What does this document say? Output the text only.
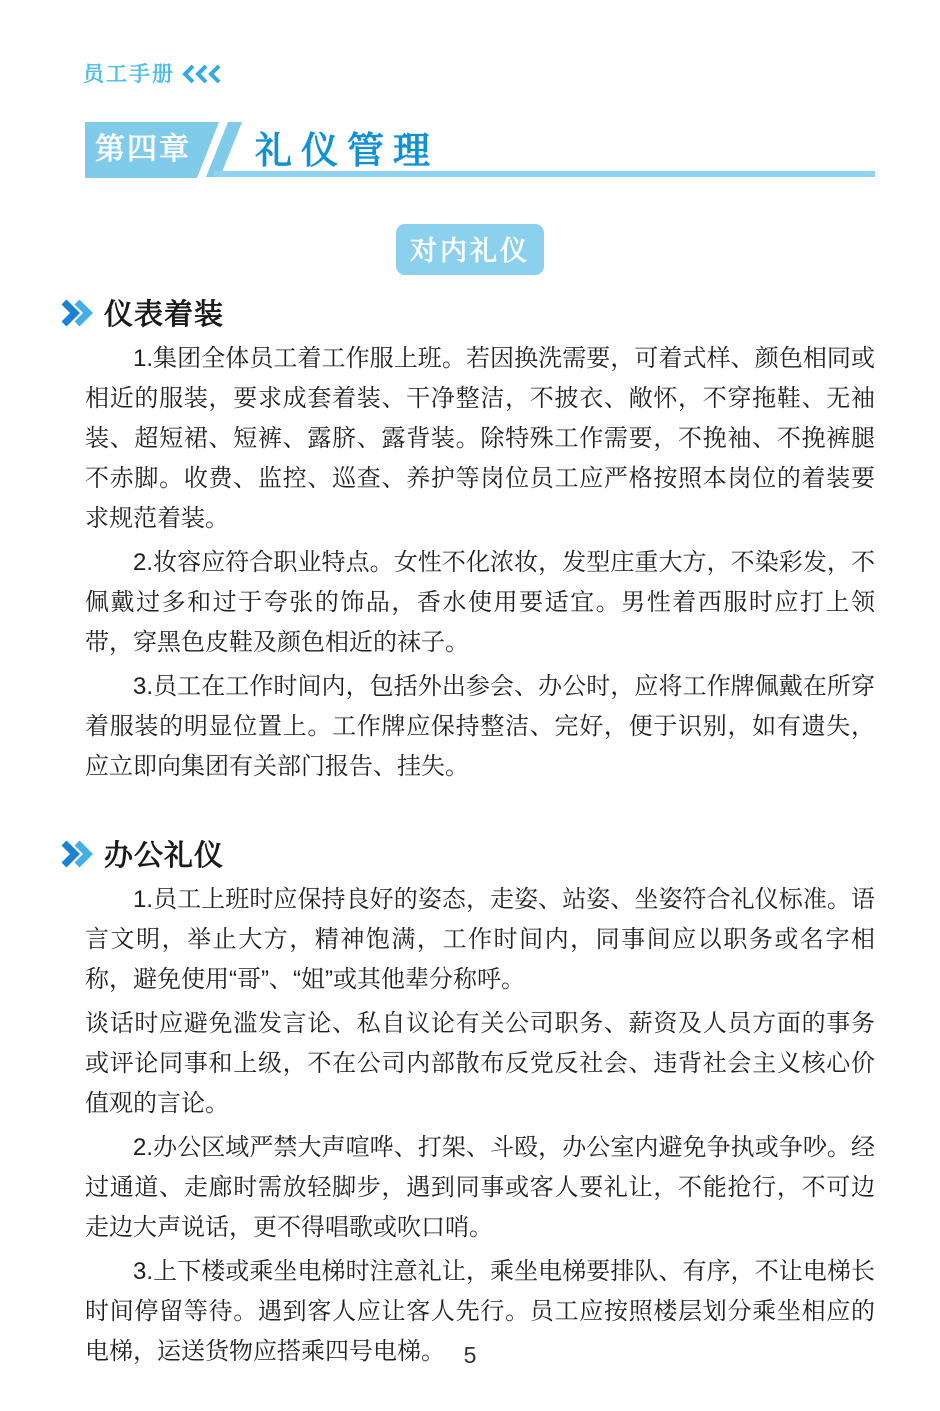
员工手册
第四章 礼仪管理
对内礼仪
仪表着装

1.集团全体员工着工作服上班。若因换洗需要，可着式样、颜色相同或相近的服装，要求成套着装、干净整洁，不披衣、敞怀，不穿拖鞋、无袖装、超短裙、短裤、露脐、露背装。除特殊工作需要，不挽袖、不挽裤腿不赤脚。收费、监控、巡查、养护等岗位员工应严格按照本岗位的着装要求规范着装。

2.妆容应符合职业特点。女性不化浓妆，发型庄重大方，不染彩发，不佩戴过多和过于夸张的饰品，香水使用要适宜。男性着西服时应打上领带，穿黑色皮鞋及颜色相近的袜子。

3.员工在工作时间内，包括外出参会、办公时，应将工作牌佩戴在所穿着服装的明显位置上。工作牌应保持整洁、完好，便于识别，如有遗失，应立即向集团有关部门报告、挂失。

办公礼仪

1.员工上班时应保持良好的姿态，走姿、站姿、坐姿符合礼仪标准。语言文明，举止大方，精神饱满，工作时间内，同事间应以职务或名字相称，避免使用“哥”、“姐”或其他辈分称呼。

谈话时应避免滥发言论、私自议论有关公司职务、薪资及人员方面的事务或评论同事和上级，不在公司内部散布反党反社会、违背社会主义核心价值观的言论。

2.办公区域严禁大声喧哗、打架、斗殴，办公室内避免争执或争吵。经过通道、走廊时需放轻脚步，遇到同事或客人要礼让，不能抢行，不可边走边大声说话，更不得唱歌或吹口哨。

3.上下楼或乘坐电梯时注意礼让，乘坐电梯要排队、有序，不让电梯长时间停留等待。遇到客人应让客人先行。员工应按照楼层划分乘坐相应的电梯，运送货物应搭乘四号电梯。 5
